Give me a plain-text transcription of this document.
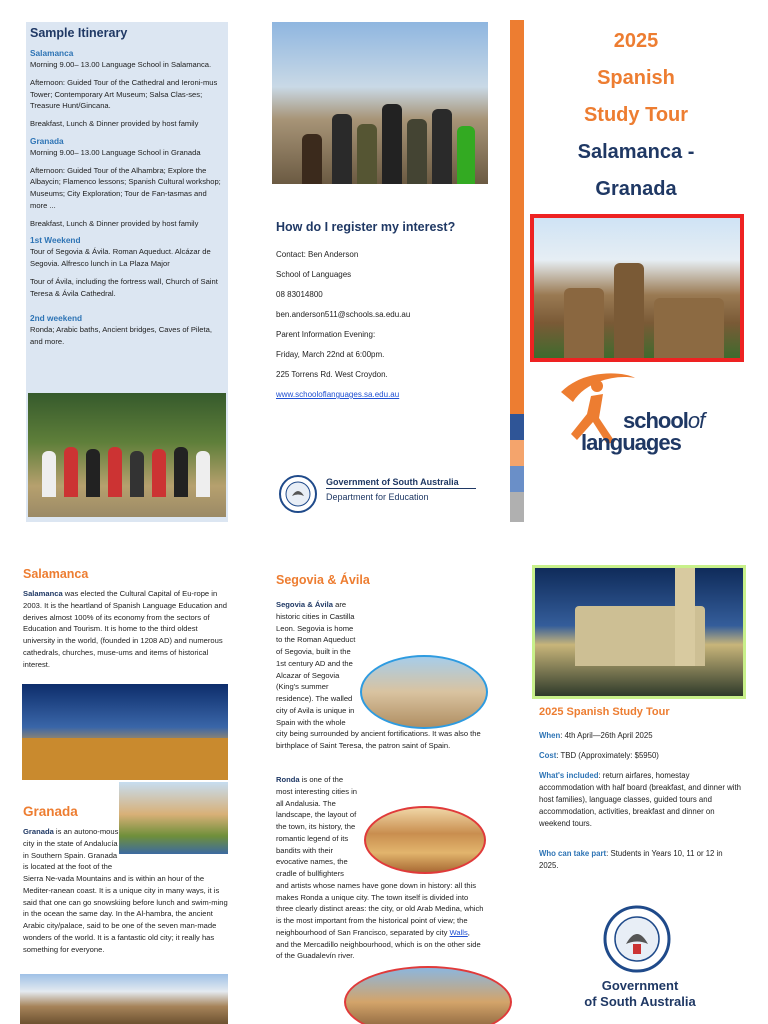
Sample Itinerary
Salamanca

Morning 9.00– 13.00 Language School in Salamanca.

Afternoon: Guided Tour of the Cathedral and Ieroni-mus Tower; Contemporary Art Museum; Salsa Clas-ses; Treasure Hunt/Gincana.

Breakfast, Lunch & Dinner provided by host family

Granada

Morning 9.00– 13.00 Language School in Granada

Afternoon: Guided Tour of the Alhambra; Explore the Albaycin; Flamenco lessons; Spanish Cultural workshop; Museums; City Exploration; Tour de Fan-tasmas and more ...

Breakfast, Lunch & Dinner provided by host family

1st Weekend

Tour of Segovia & Ávila. Roman Aqueduct. Alcázar de Segovia. Alfresco lunch in La Plaza Major

Tour of Ávila, including the fortress wall, Church of Saint Teresa & Ávila Cathedral.

2nd weekend

Ronda; Arabic baths, Ancient bridges, Caves of Pileta, and more.

How do I register my interest?
Contact: Ben Anderson
School of Languages
08 83014800
ben.anderson511@schools.sa.edu.au
Parent Information Evening:
Friday, March 22nd at 6:00pm.
225 Torrens Rd. West Croydon.
www.schooloflanguages.sa.edu.au
Government of South Australia
Department for Education
2025
Spanish
Study Tour
Salamanca -
Granada
schoolof
languages
Salamanca
Salamanca was elected the Cultural Capital of Eu-rope in 2003. It is the heartland of Spanish Language Education and derives almost 100% of its economy from the sectors of Education and Tourism. It is home to the third oldest university in the world, (founded in 1208 AD) and numerous cathedrals, churches, muse-ums and items of historical interest.
Granada
Granada is an autono-mous city in the state of Andalucía in Southern Spain. Granada is located at the foot of the Sierra Ne-vada Mountains and is within an hour of the Mediter-ranean coast. It is a unique city in many ways, it is said that one can go snowskiing before lunch and swim-ming in the ocean the same day. In the Al-hambra, the ancient Arabic city/palace, said to be one of the seven man-made wonders of the world. It is a fantastic old city; it really has something for everyone.
Segovia & Ávila
Segovia & Ávila are historic cities in Castilla Leon. Segovia is home to the Roman Aqueduct of Segovia, built in the 1st century AD and the Alcazar of Segovia (King's summer residence). The walled city of Avila is unique in Spain with the whole city being surrounded by ancient fortifications. It was also the birthplace of Saint Teresa, the patron saint of Spain.
Ronda is one of the most interesting cities in all Andalusia. The landscape, the layout of the town, its history, the romantic legend of its bandits with their evocative names, the cradle of bullfighters and artists whose names have gone down in history: all this makes Ronda a unique city. The town itself is divided into three clearly distinct areas: the city, or old Arab Medina, which is the most important from the historical point of view; the neighbourhood of San Francisco, separated by city Walls, and the Mercadillo neighbourhood, which is on the other side of the Guadalevín river.
2025 Spanish Study Tour
When: 4th April—26th April 2025
Cost: TBD (Approximately: $5950)
What's included: return airfares, homestay accommodation with half board (breakfast, and dinner with host families), language classes, guided tours and accommodation, activities, breakfast and dinner on weekend tours.
Who can take part: Students in Years 10, 11 or 12 in 2025.
Government
of South Australia
